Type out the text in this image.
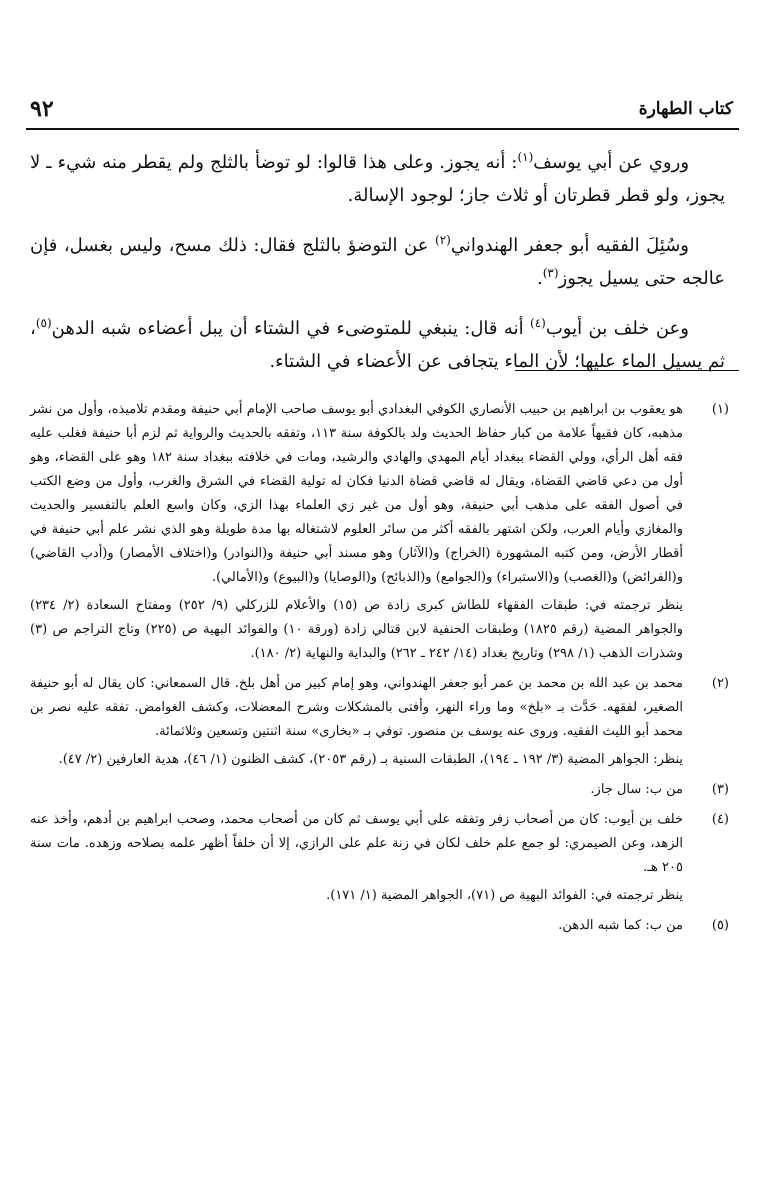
٩٢	كتاب الطهارة

وروي عن أبي يوسف$^{(١)}$: أنه يجوز. وعلى هذا قالوا: لو توضأ بالثلج ولم يقطر منه شيء ـ لا يجوز، ولو قطر قطرتان أو ثلاث جاز؛ لوجود الإسالة.

وسُئِلَ الفقيه أبو جعفر الهندواني$^{(٢)}$ عن التوضؤ بالثلج فقال: ذلك مسح، وليس بغسل، فإن عالجه حتى يسيل يجوز$^{(٣)}$.

وعن خلف بن أيوب$^{(٤)}$ أنه قال: ينبغي للمتوضىء في الشتاء أن يبل أعضاءه شبه الدهن$^{(٥)}$، ثم يسيل الماء عليها؛ لأن الماء يتجافى عن الأعضاء في الشتاء.

(١)

هو يعقوب بن ابراهيم بن حبيب الأنصاري الكوفي البغدادي أبو يوسف صاحب الإمام أبي حنيفة ومقدم تلاميذه، وأول من نشر مذهبه، كان فقيهاً علامة من كبار حفاظ الحديث ولد بالكوفة سنة ١١٣، وتفقه بالحديث والرواية ثم لزم أبا حنيفة فغلب عليه فقه أهل الرأي، وولي القضاء ببغداد أيام المهدي والهادي والرشيد، ومات في خلافته ببغداد سنة ١٨٢ وهو على القضاء، وهو أول من دعي قاضي القضاة، ويقال له قاضي قضاة الدنيا فكان له تولية القضاء في الشرق والغرب، وأول من وضع الكتب في أصول الفقه على مذهب أبي حنيفة، وهو أول من غير زي العلماء بهذا الزي، وكان واسع العلم بالتفسير والحديث والمغازي وأيام العرب، ولكن اشتهر بالفقه أكثر من سائر العلوم لاشتغاله بها مدة طويلة وهو الذي نشر علم أبي حنيفة في أقطار الأرض، ومن كتبه المشهورة (الخراج) و(الآثار) وهو مسند أبي حنيفة و(النوادر) و(اختلاف الأمصار) و(أدب القاضي) و(الفرائض) و(الغصب) و(الاستبراء) و(الجوامع) و(الذبائح) و(الوصايا) و(البيوع) و(الأمالي).

ينظر ترجمته في: طبقات الفقهاء للطاش كبرى زادة ص (١٥) والأعلام للزركلي (٩/ ٢٥٢) ومفتاح السعادة (٢/ ٢٣٤) والجواهر المضية (رقم ١٨٢٥) وطبقات الحنفية لابن قتالي زادة (ورقة ١٠) والفوائد البهية ص (٢٢٥) وتاج التراجم ص (٣) وشذرات الذهب (١/ ٢٩٨) وتاريخ بغداد (١٤/ ٢٤٢ ـ ٢٦٢) والبداية والنهاية (٢/ ١٨٠).

(٢)

محمد بن عبد الله بن محمد بن عمر أبو جعفر الهندواني، وهو إمام كبير من أهل بلخ. قال السمعاني: كان يقال له أبو حنيفة الصغير، لفقهه. حَدَّث بـ «بلخ» وما وراء النهر، وأفتى بالمشكلات وشرح المعضلات، وكشف الغوامض. تفقه عليه نصر بن محمد أبو الليث الفقيه. وروى عنه يوسف بن منصور. توفي بـ «بخارى» سنة اثنتين وتسعين وثلاثمائة.

ينظر: الجواهر المضية (٣/ ١٩٢ ـ ١٩٤)، الطبقات السنية بـ (رقم ٢٠٥٣)، كشف الظنون (١/ ٤٦)، هدية العارفين (٢/ ٤٧).

(٣)

من ب: سال جاز.

(٤)

خلف بن أيوب: كان من أصحاب زفر وتفقه على أبي يوسف ثم كان من أصحاب محمد، وصحب ابراهيم بن أدهم، وأخذ عنه الزهد، وعن الصيمري: لو جمع علم خلف لكان في زنة علم على الرازي، إلا أن خلفاً أظهر علمه بصلاحه وزهده. مات سنة ٢٠٥ هـ.

ينظر ترجمته في: الفوائد البهية ص (٧١)، الجواهر المضية (١/ ١٧١).

(٥)

من ب: كما شبه الدهن.
